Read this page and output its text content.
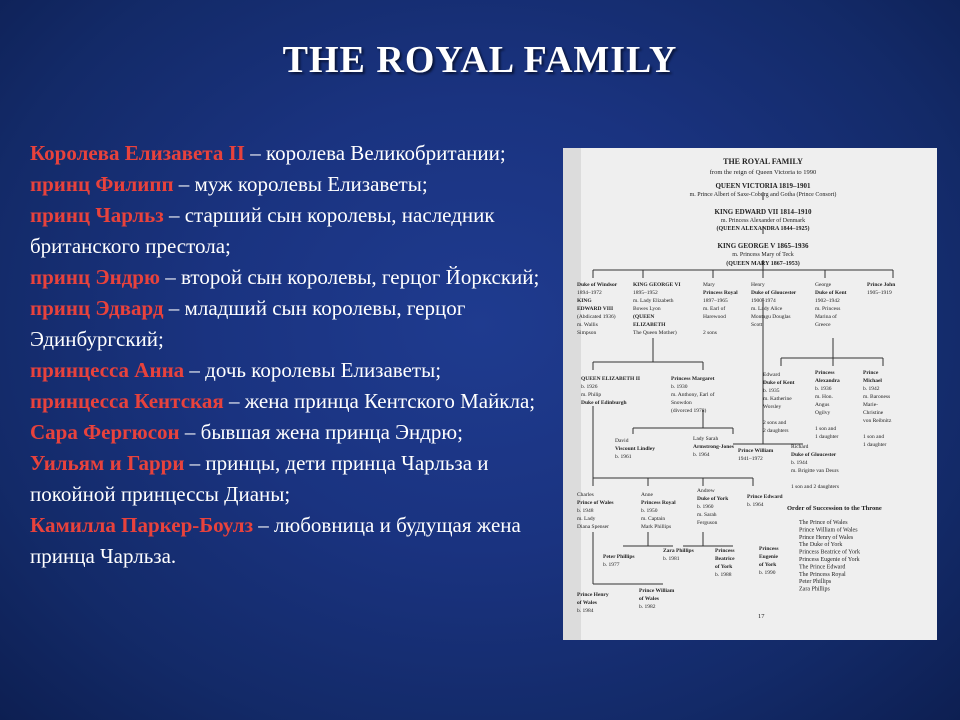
THE ROYAL FAMILY

Королева Елизавета II – королева Великобритании;

принц Филипп – муж королевы Елизаветы;

принц Чарльз – старший сын королевы, наследник британского престола;

принц Эндрю – второй сын королевы, герцог Йоркский;

принц Эдвард – младший сын королевы, герцог Эдинбургский;

принцесса Анна – дочь королевы Елизаветы;

принцесса Кентская – жена принца Кентского Майкла;

Сара Фергюсон – бывшая жена принца Эндрю;

Уильям и Гарри – принцы, дети принца Чарльза и покойной принцессы Дианы;

Камилла Паркер-Боулз – любовница и будущая жена принца Чарльза.

THE ROYAL FAMILY
from the reign of Queen Victoria to 1990
QUEEN VICTORIA 1819–1901
m. Prince Albert of Saxe-Coburg and Gotha (Prince Consort)
KING EDWARD VII 1814–1910
m. Princess Alexander of Denmark
(QUEEN ALEXANDRA 1844–1925)
KING GEORGE V 1865–1936
m. Princess Mary of Teck
(QUEEN MARY 1867–1953)
Duke of Windsor
1894–1972
KING
EDWARD VIII
(Abdicated 1936)
m. Wallis
Simpson
KING GEORGE VI
1895–1952
m. Lady Elizabeth
Bowes Lyon
(QUEEN
ELIZABETH
The Queen Mother)
Mary
Princess Royal
1897–1965
m. Earl of
Harewood
2 sons
Henry
Duke of Gloucester
1900–1974
m. Lady Alice
Montagu Douglas
Scott
George
Duke of Kent
1902–1942
m. Princess
Marina of
Greece
Prince John
1905–1919
QUEEN ELIZABETH II
b. 1926
m. Philip
Duke of Edinburgh
Princess Margaret
b. 1930
m. Anthony, Earl of
Snowdon
(divorced 1978)
Edward
Duke of Kent
b. 1935
m. Katherine
Worsley
2 sons and
2 daughters
Princess
Alexandra
b. 1936
m. Hon.
Angus
Ogilvy
1 son and
1 daughter
Prince
Michael
b. 1942
m. Baroness
Marie-
Christine
von Reibnitz
1 son and
1 daughter
David
Viscount Lindley
b. 1961
Lady Sarah
Armstrong-Jones
b. 1964
Prince William
1941–1972
Richard
Duke of Gloucester
b. 1944
m. Brigitte van Deurs
1 son and 2 daughters
Charles
Prince of Wales
b. 1948
m. Lady
Diana Spenser
Anne
Princess Royal
b. 1950
m. Captain
Mark Phillips
Andrew
Duke of York
b. 1960
m. Sarah
Ferguson
Prince Edward
b. 1964
Peter Phillips
b. 1977
Zara Phillips
b. 1981
Princess
Beatrice
of York
b. 1988
Princess
Eugenie
of York
b. 1990
Prince Henry
of Wales
b. 1984
Prince William
of Wales
b. 1982
Order of Succession to the Throne
The Prince of Wales
Prince William of Wales
Prince Henry of Wales
The Duke of York
Princess Beatrice of York
Princess Eugenie of York
The Prince Edward
The Princess Royal
Peter Phillips
Zara Phillips
17
